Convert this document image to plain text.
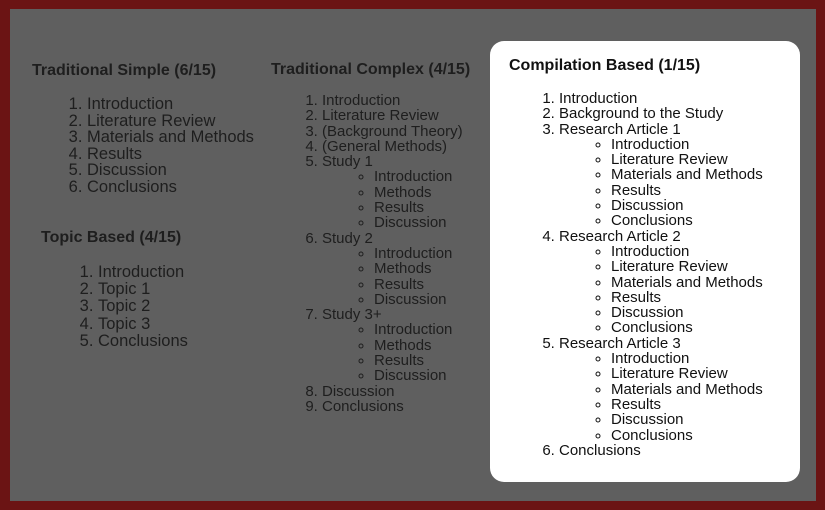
Traditional Simple (6/15)
1. Introduction
2. Literature Review
3. Materials and Methods
4. Results
5. Discussion
6. Conclusions
Topic Based (4/15)
1. Introduction
2. Topic 1
3. Topic 2
4. Topic 3
5. Conclusions
Traditional Complex (4/15)
1. Introduction
2. Literature Review
3. (Background Theory)
4. (General Methods)
5. Study 1
◦ Introduction
◦ Methods
◦ Results
◦ Discussion
6. Study 2
◦ Introduction
◦ Methods
◦ Results
◦ Discussion
7. Study 3+
◦ Introduction
◦ Methods
◦ Results
◦ Discussion
8. Discussion
9. Conclusions
Compilation Based (1/15)
1. Introduction
2. Background to the Study
3. Research Article 1
◦ Introduction
◦ Literature Review
◦ Materials and Methods
◦ Results
◦ Discussion
◦ Conclusions
4. Research Article 2
◦ Introduction
◦ Literature Review
◦ Materials and Methods
◦ Results
◦ Discussion
◦ Conclusions
5. Research Article 3
◦ Introduction
◦ Literature Review
◦ Materials and Methods
◦ Results
◦ Discussion
◦ Conclusions
6. Conclusions
